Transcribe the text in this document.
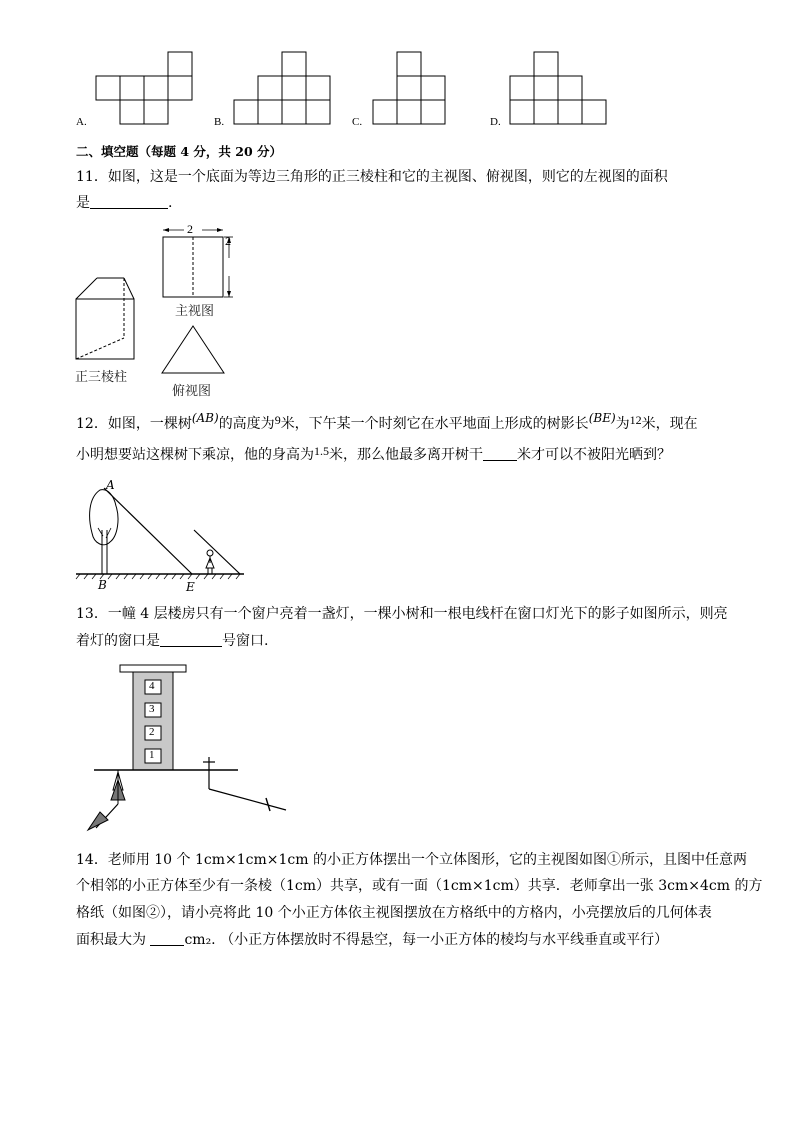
A.	B.	C.	D.
二、填空题（每题 4 分，共 20 分）
11．如图，这是一个底面为等边三角形的正三棱柱和它的主视图、俯视图，则它的左视图的面积
是	.
2
2
主视图
正三棱柱
俯视图
12．如图，一棵树(AB)的高度为9米，下午某一个时刻它在水平地面上形成的树影长(BE)为12米，现在
小明想要站这棵树下乘凉，他的身高为1.5米，那么他最多离开树干 米才可以不被阳光晒到？
A
B	E
13．一幢 4 层楼房只有一个窗户亮着一盏灯，一棵小树和一根电线杆在窗口灯光下的影子如图所示，则亮
着灯的窗口是	号窗口.
4
3
2
1
14．老师用 10 个 1cm×1cm×1cm 的小正方体摆出一个立体图形，它的主视图如图①所示，且图中任意两
个相邻的小正方体至少有一条棱（1cm）共享，或有一面（1cm×1cm）共享．老师拿出一张 3cm×4cm 的方
格纸（如图②），请小亮将此 10 个小正方体依主视图摆放在方格纸中的方格内，小亮摆放后的几何体表
面积最大为	cm₂. （小正方体摆放时不得悬空，每一小正方体的棱均与水平线垂直或平行）
